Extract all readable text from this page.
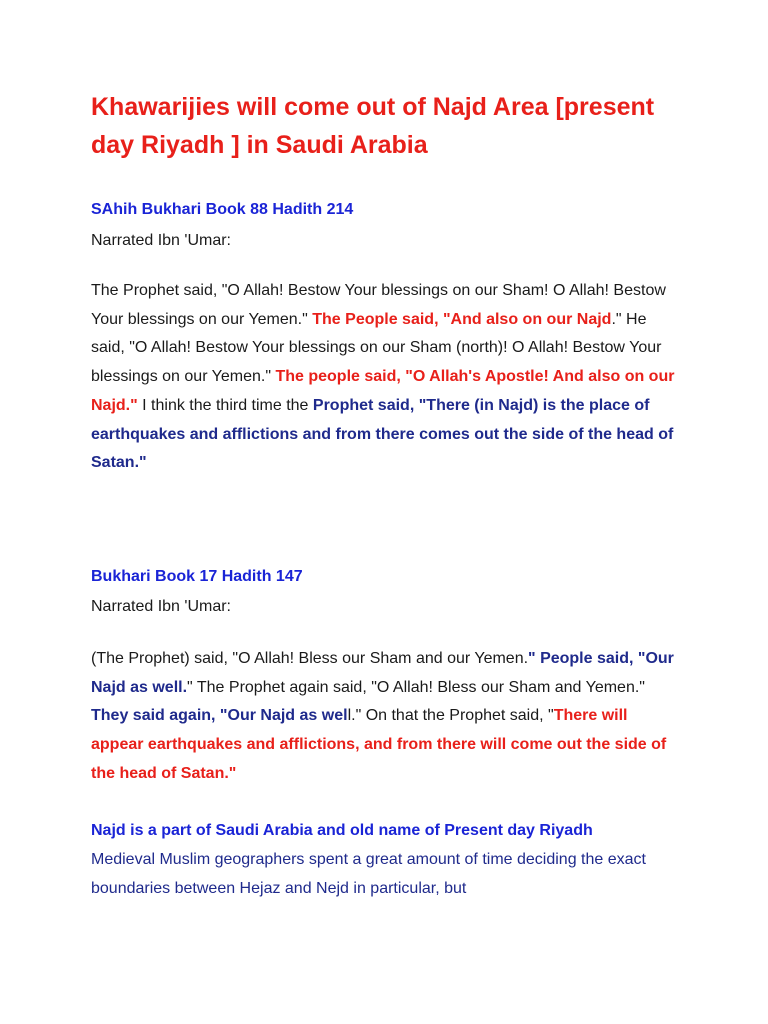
Khawarijies will come out of Najd Area [present day Riyadh ] in Saudi Arabia

SAhih Bukhari Book 88 Hadith 214

Narrated Ibn 'Umar:

The Prophet said, "O Allah! Bestow Your blessings on our Sham! O Allah! Bestow Your blessings on our Yemen." The People said, "And also on our Najd." He said, "O Allah! Bestow Your blessings on our Sham (north)! O Allah! Bestow Your blessings on our Yemen." The people said, "O Allah's Apostle! And also on our Najd." I think the third time the Prophet said, "There (in Najd) is the place of earthquakes and afflictions and from there comes out the side of the head of Satan."

Bukhari Book 17 Hadith 147

Narrated Ibn 'Umar:

(The Prophet) said, "O Allah! Bless our Sham and our Yemen." People said, "Our Najd as well." The Prophet again said, "O Allah! Bless our Sham and Yemen." They said again, "Our Najd as well." On that the Prophet said, "There will appear earthquakes and afflictions, and from there will come out the side of the head of Satan."

Najd is a part of Saudi Arabia and old name of Present day Riyadh

Medieval Muslim geographers spent a great amount of time deciding the exact boundaries between Hejaz and Nejd in particular, but
